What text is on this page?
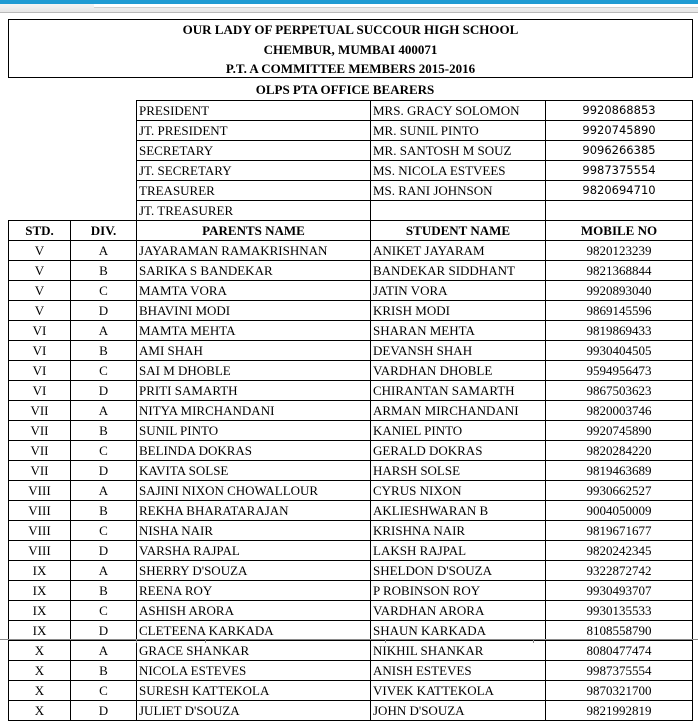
OUR LADY OF PERPETUAL SUCCOUR HIGH SCHOOL
CHEMBUR, MUMBAI 400071
P.T. A COMMITTEE MEMBERS 2015-2016
OLPS PTA OFFICE BEARERS
PRESIDENT	MRS. GRACY SOLOMON	9920868853
JT. PRESIDENT	MR. SUNIL PINTO	9920745890
SECRETARY	MR. SANTOSH M SOUZ	9096266385
JT. SECRETARY	MS. NICOLA ESTVEES	9987375554
TREASURER	MS. RANI JOHNSON	9820694710
JT. TREASURER		
STD.	DIV.	PARENTS NAME	STUDENT NAME	MOBILE NO
V	A	JAYARAMAN RAMAKRISHNAN	ANIKET JAYARAM	9820123239
V	B	SARIKA S BANDEKAR	BANDEKAR SIDDHANT	9821368844
V	C	MAMTA VORA	JATIN VORA	9920893040
V	D	BHAVINI MODI	KRISH MODI	9869145596
VI	A	MAMTA MEHTA	SHARAN MEHTA	9819869433
VI	B	AMI SHAH	DEVANSH SHAH	9930404505
VI	C	SAI M DHOBLE	VARDHAN DHOBLE	9594956473
VI	D	PRITI SAMARTH	CHIRANTAN SAMARTH	9867503623
VII	A	NITYA MIRCHANDANI	ARMAN MIRCHANDANI	9820003746
VII	B	SUNIL PINTO	KANIEL PINTO	9920745890
VII	C	BELINDA DOKRAS	GERALD DOKRAS	9820284220
VII	D	KAVITA SOLSE	HARSH SOLSE	9819463689
VIII	A	SAJINI NIXON CHOWALLOUR	CYRUS NIXON	9930662527
VIII	B	REKHA BHARATARAJAN	AKLIESHWARAN B	9004050009
VIII	C	NISHA NAIR	KRISHNA NAIR	9819671677
VIII	D	VARSHA RAJPAL	LAKSH RAJPAL	9820242345
IX	A	SHERRY D'SOUZA	SHELDON D'SOUZA	9322872742
IX	B	REENA ROY	P ROBINSON ROY	9930493707
IX	C	ASHISH ARORA	VARDHAN ARORA	9930135533
IX	D	CLETEENA KARKADA	SHAUN KARKADA	8108558790
X	A	GRACE SHANKAR	NIKHIL SHANKAR	8080477474
X	B	NICOLA ESTEVES	ANISH ESTEVES	9987375554
X	C	SURESH KATTEKOLA	VIVEK KATTEKOLA	9870321700
X	D	JULIET D'SOUZA	JOHN D'SOUZA	9821992819
